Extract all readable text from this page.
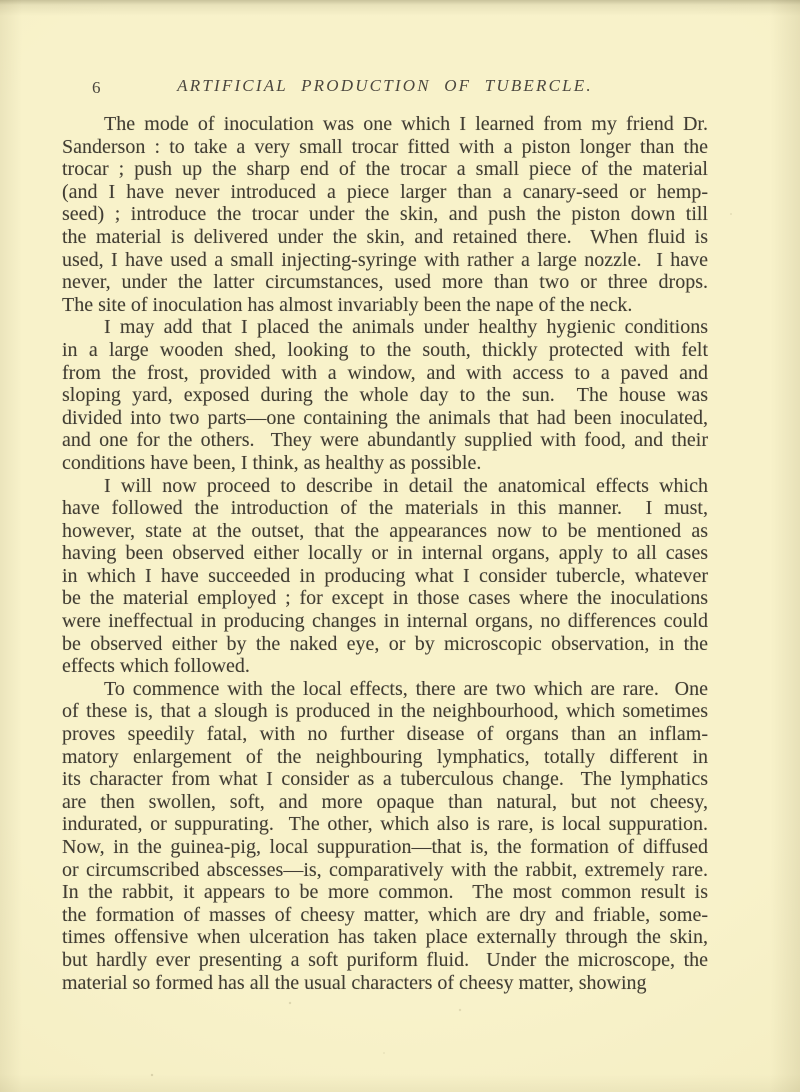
6	ARTIFICIAL PRODUCTION OF TUBERCLE.
The mode of inoculation was one which I learned from my friend Dr.
Sanderson : to take a very small trocar fitted with a piston longer than the
trocar ; push up the sharp end of the trocar a small piece of the material
(and I have never introduced a piece larger than a canary-seed or hemp-
seed) ; introduce the trocar under the skin, and push the piston down till
the material is delivered under the skin, and retained there.  When fluid is
used, I have used a small injecting-syringe with rather a large nozzle.  I have
never, under the latter circumstances, used more than two or three drops.
The site of inoculation has almost invariably been the nape of the neck.
I may add that I placed the animals under healthy hygienic conditions
in a large wooden shed, looking to the south, thickly protected with felt
from the frost, provided with a window, and with access to a paved and
sloping yard, exposed during the whole day to the sun.  The house was
divided into two parts—one containing the animals that had been inoculated,
and one for the others.  They were abundantly supplied with food, and their
conditions have been, I think, as healthy as possible.
I will now proceed to describe in detail the anatomical effects which
have followed the introduction of the materials in this manner.  I must,
however, state at the outset, that the appearances now to be mentioned as
having been observed either locally or in internal organs, apply to all cases
in which I have succeeded in producing what I consider tubercle, whatever
be the material employed ; for except in those cases where the inoculations
were ineffectual in producing changes in internal organs, no differences could
be observed either by the naked eye, or by microscopic observation, in the
effects which followed.
To commence with the local effects, there are two which are rare.  One
of these is, that a slough is produced in the neighbourhood, which sometimes
proves speedily fatal, with no further disease of organs than an inflam-
matory enlargement of the neighbouring lymphatics, totally different in
its character from what I consider as a tuberculous change.  The lymphatics
are then swollen, soft, and more opaque than natural, but not cheesy,
indurated, or suppurating.  The other, which also is rare, is local suppuration.
Now, in the guinea-pig, local suppuration—that is, the formation of diffused
or circumscribed abscesses—is, comparatively with the rabbit, extremely rare.
In the rabbit, it appears to be more common.  The most common result is
the formation of masses of cheesy matter, which are dry and friable, some-
times offensive when ulceration has taken place externally through the skin,
but hardly ever presenting a soft puriform fluid.  Under the microscope, the
material so formed has all the usual characters of cheesy matter, showing
